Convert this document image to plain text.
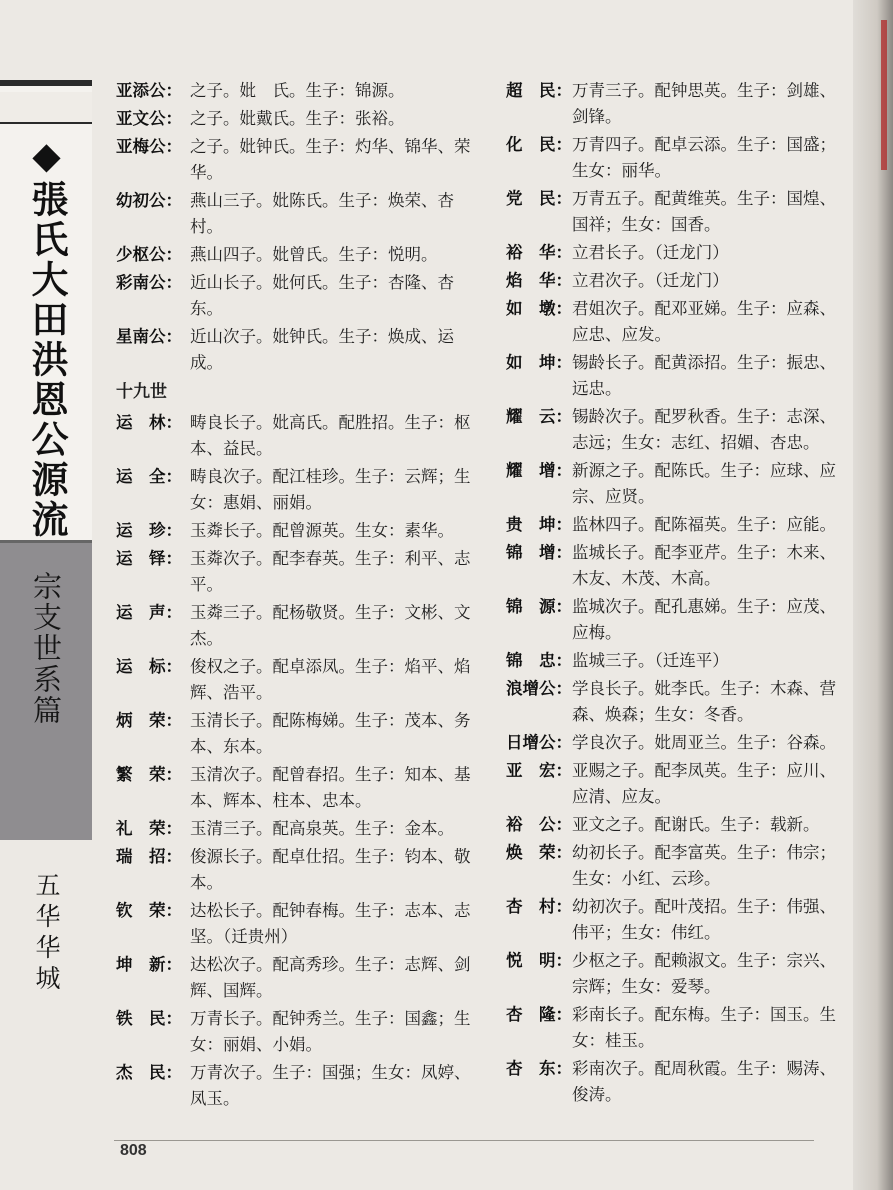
◆張氏大田洪恩公源流
宗支世系篇
五华华城
亚添公： 之子。妣　氏。生子：锦源。
亚文公： 之子。妣戴氏。生子：张裕。
亚梅公： 之子。妣钟氏。生子：灼华、锦华、荣华。
幼初公： 燕山三子。妣陈氏。生子：焕荣、杏村。
少枢公： 燕山四子。妣曾氏。生子：悦明。
彩南公： 近山长子。妣何氏。生子：杏隆、杏东。
星南公： 近山次子。妣钟氏。生子：焕成、运成。
十九世
运　林： 畴良长子。妣高氏。配胜招。生子：枢本、益民。
运　全： 畴良次子。配江桂珍。生子：云辉；生女：惠娟、丽娟。
运　珍： 玉粦长子。配曾源英。生女：素华。
运　铎： 玉粦次子。配李春英。生子：利平、志平。
运　声： 玉粦三子。配杨敬贤。生子：文彬、文杰。
运　标： 俊权之子。配卓添凤。生子：焰平、焰辉、浩平。
炳　荣： 玉清长子。配陈梅娣。生子：茂本、务本、东本。
繁　荣： 玉清次子。配曾春招。生子：知本、基本、辉本、柱本、忠本。
礼　荣： 玉清三子。配高泉英。生子：金本。
瑞　招： 俊源长子。配卓仕招。生子：钧本、敬本。
钦　荣： 达松长子。配钟春梅。生子：志本、志坚。（迁贵州）
坤　新： 达松次子。配高秀珍。生子：志辉、剑辉、国辉。
铁　民： 万青长子。配钟秀兰。生子：国鑫；生女：丽娟、小娟。
杰　民： 万青次子。生子：国强；生女：凤婷、凤玉。
超　民： 万青三子。配钟思英。生子：剑雄、剑锋。
化　民： 万青四子。配卓云添。生子：国盛；生女：丽华。
党　民： 万青五子。配黄维英。生子：国煌、国祥；生女：国香。
裕　华： 立君长子。（迁龙门）
焰　华： 立君次子。（迁龙门）
如　墩： 君姐次子。配邓亚娣。生子：应森、应忠、应发。
如　坤： 锡龄长子。配黄添招。生子：振忠、远忠。
耀　云： 锡龄次子。配罗秋香。生子：志深、志远；生女：志红、招媚、杏忠。
耀　增： 新源之子。配陈氏。生子：应球、应宗、应贤。
贵　坤： 监林四子。配陈福英。生子：应能。
锦　增： 监城长子。配李亚芹。生子：木来、木友、木茂、木高。
锦　源： 监城次子。配孔惠娣。生子：应茂、应梅。
锦　忠： 监城三子。（迁连平）
浪增公： 学良长子。妣李氏。生子：木森、营森、焕森；生女：冬香。
日增公： 学良次子。妣周亚兰。生子：谷森。
亚　宏： 亚赐之子。配李凤英。生子：应川、应清、应友。
裕　公： 亚文之子。配谢氏。生子：载新。
焕　荣： 幼初长子。配李富英。生子：伟宗；生女：小红、云珍。
杏　村： 幼初次子。配叶茂招。生子：伟强、伟平；生女：伟红。
悦　明： 少枢之子。配赖淑文。生子：宗兴、宗辉；生女：爱琴。
杏　隆： 彩南长子。配东梅。生子：国玉。生女：桂玉。
杏　东： 彩南次子。配周秋霞。生子：赐涛、俊涛。
808
